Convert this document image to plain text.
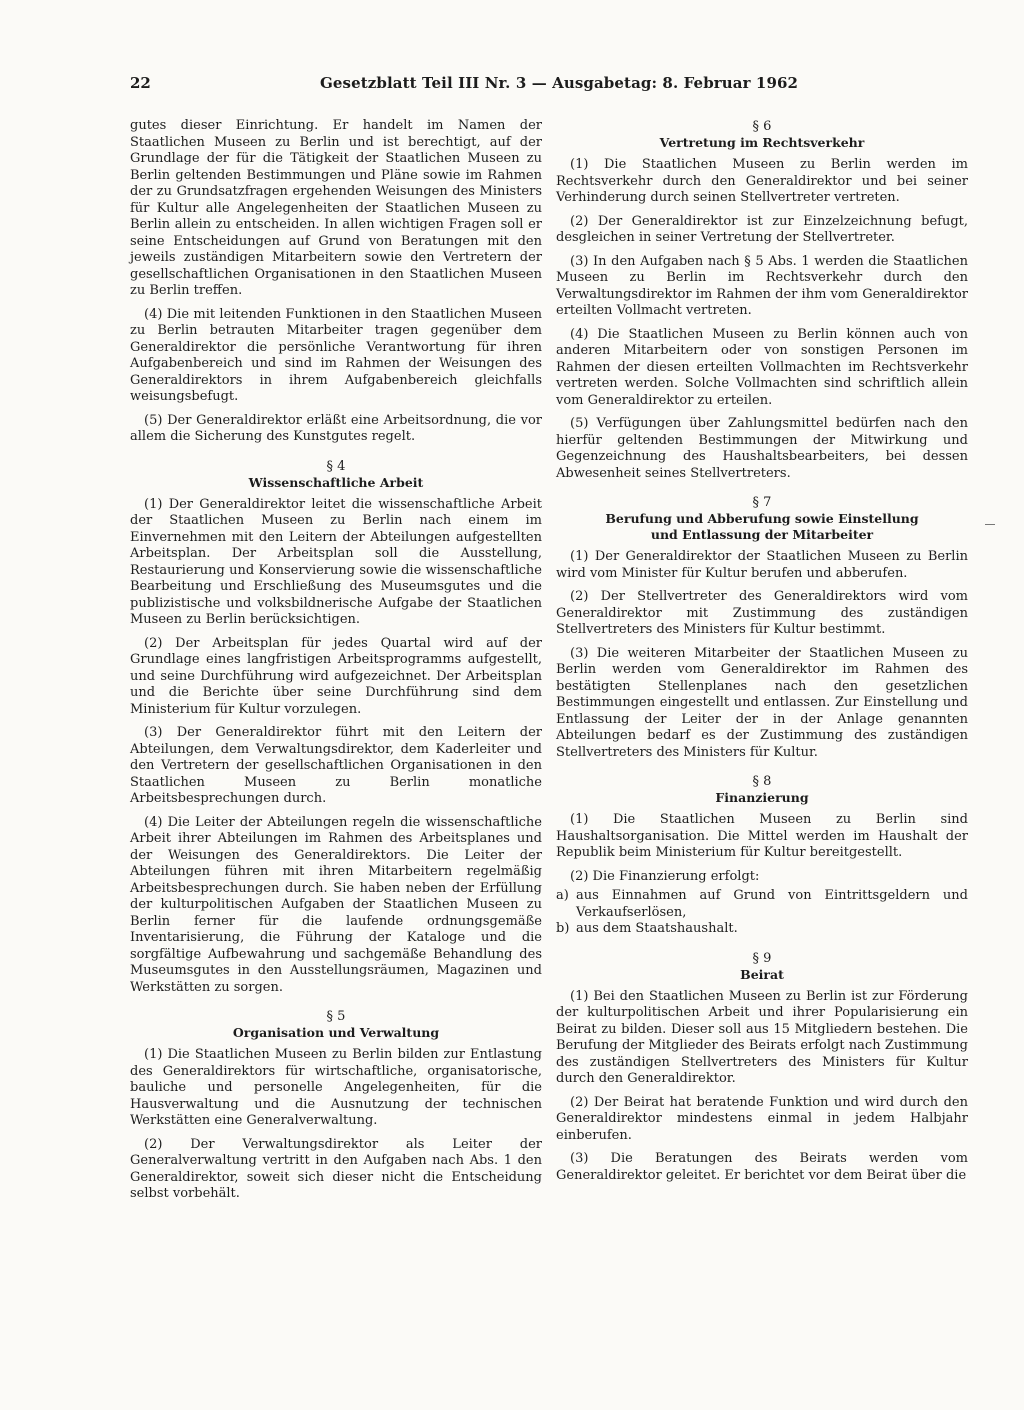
22	Gesetzblatt Teil III Nr. 3 — Ausgabetag: 8. Februar 1962

gutes dieser Einrichtung. Er handelt im Namen der Staatlichen Museen zu Berlin und ist berechtigt, auf der Grundlage der für die Tätigkeit der Staatlichen Museen zu Berlin geltenden Bestimmungen und Pläne sowie im Rahmen der zu Grundsatzfragen ergehenden Weisungen des Ministers für Kultur alle Angelegenheiten der Staatlichen Museen zu Berlin allein zu entscheiden. In allen wichtigen Fragen soll er seine Entscheidungen auf Grund von Beratungen mit den jeweils zuständigen Mitarbeitern sowie den Vertretern der gesellschaftlichen Organisationen in den Staatlichen Museen zu Berlin treffen.

(4) Die mit leitenden Funktionen in den Staatlichen Museen zu Berlin betrauten Mitarbeiter tragen gegenüber dem Generaldirektor die persönliche Verantwortung für ihren Aufgabenbereich und sind im Rahmen der Weisungen des Generaldirektors in ihrem Aufgabenbereich gleichfalls weisungsbefugt.

(5) Der Generaldirektor erläßt eine Arbeitsordnung, die vor allem die Sicherung des Kunstgutes regelt.

§ 4
Wissenschaftliche Arbeit

(1) Der Generaldirektor leitet die wissenschaftliche Arbeit der Staatlichen Museen zu Berlin nach einem im Einvernehmen mit den Leitern der Abteilungen aufgestellten Arbeitsplan. Der Arbeitsplan soll die Ausstellung, Restaurierung und Konservierung sowie die wissenschaftliche Bearbeitung und Erschließung des Museumsgutes und die publizistische und volksbildnerische Aufgabe der Staatlichen Museen zu Berlin berücksichtigen.

(2) Der Arbeitsplan für jedes Quartal wird auf der Grundlage eines langfristigen Arbeitsprogramms aufgestellt, und seine Durchführung wird aufgezeichnet. Der Arbeitsplan und die Berichte über seine Durchführung sind dem Ministerium für Kultur vorzulegen.

(3) Der Generaldirektor führt mit den Leitern der Abteilungen, dem Verwaltungsdirektor, dem Kaderleiter und den Vertretern der gesellschaftlichen Organisationen in den Staatlichen Museen zu Berlin monatliche Arbeitsbesprechungen durch.

(4) Die Leiter der Abteilungen regeln die wissenschaftliche Arbeit ihrer Abteilungen im Rahmen des Arbeitsplanes und der Weisungen des Generaldirektors. Die Leiter der Abteilungen führen mit ihren Mitarbeitern regelmäßig Arbeitsbesprechungen durch. Sie haben neben der Erfüllung der kulturpolitischen Aufgaben der Staatlichen Museen zu Berlin ferner für die laufende ordnungsgemäße Inventarisierung, die Führung der Kataloge und die sorgfältige Aufbewahrung und sachgemäße Behandlung des Museumsgutes in den Ausstellungsräumen, Magazinen und Werkstätten zu sorgen.

§ 5
Organisation und Verwaltung

(1) Die Staatlichen Museen zu Berlin bilden zur Entlastung des Generaldirektors für wirtschaftliche, organisatorische, bauliche und personelle Angelegenheiten, für die Hausverwaltung und die Ausnutzung der technischen Werkstätten eine Generalverwaltung.

(2) Der Verwaltungsdirektor als Leiter der Generalverwaltung vertritt in den Aufgaben nach Abs. 1 den Generaldirektor, soweit sich dieser nicht die Entscheidung selbst vorbehält.

§ 6
Vertretung im Rechtsverkehr

(1) Die Staatlichen Museen zu Berlin werden im Rechtsverkehr durch den Generaldirektor und bei seiner Verhinderung durch seinen Stellvertreter vertreten.

(2) Der Generaldirektor ist zur Einzelzeichnung befugt, desgleichen in seiner Vertretung der Stellvertreter.

(3) In den Aufgaben nach § 5 Abs. 1 werden die Staatlichen Museen zu Berlin im Rechtsverkehr durch den Verwaltungsdirektor im Rahmen der ihm vom Generaldirektor erteilten Vollmacht vertreten.

(4) Die Staatlichen Museen zu Berlin können auch von anderen Mitarbeitern oder von sonstigen Personen im Rahmen der diesen erteilten Vollmachten im Rechtsverkehr vertreten werden. Solche Vollmachten sind schriftlich allein vom Generaldirektor zu erteilen.

(5) Verfügungen über Zahlungsmittel bedürfen nach den hierfür geltenden Bestimmungen der Mitwirkung und Gegenzeichnung des Haushaltsbearbeiters, bei dessen Abwesenheit seines Stellvertreters.

§ 7
Berufung und Abberufung sowie Einstellung
und Entlassung der Mitarbeiter

(1) Der Generaldirektor der Staatlichen Museen zu Berlin wird vom Minister für Kultur berufen und abberufen.

(2) Der Stellvertreter des Generaldirektors wird vom Generaldirektor mit Zustimmung des zuständigen Stellvertreters des Ministers für Kultur bestimmt.

(3) Die weiteren Mitarbeiter der Staatlichen Museen zu Berlin werden vom Generaldirektor im Rahmen des bestätigten Stellenplanes nach den gesetzlichen Bestimmungen eingestellt und entlassen. Zur Einstellung und Entlassung der Leiter der in der Anlage genannten Abteilungen bedarf es der Zustimmung des zuständigen Stellvertreters des Ministers für Kultur.

§ 8
Finanzierung

(1) Die Staatlichen Museen zu Berlin sind Haushaltsorganisation. Die Mittel werden im Haushalt der Republik beim Ministerium für Kultur bereitgestellt.

(2) Die Finanzierung erfolgt:

a) aus Einnahmen auf Grund von Eintrittsgeldern und Verkaufserlösen,
b) aus dem Staatshaushalt.
§ 9
Beirat

(1) Bei den Staatlichen Museen zu Berlin ist zur Förderung der kulturpolitischen Arbeit und ihrer Popularisierung ein Beirat zu bilden. Dieser soll aus 15 Mitgliedern bestehen. Die Berufung der Mitglieder des Beirats erfolgt nach Zustimmung des zuständigen Stellvertreters des Ministers für Kultur durch den Generaldirektor.

(2) Der Beirat hat beratende Funktion und wird durch den Generaldirektor mindestens einmal in jedem Halbjahr einberufen.

(3) Die Beratungen des Beirats werden vom Generaldirektor geleitet. Er berichtet vor dem Beirat über die
